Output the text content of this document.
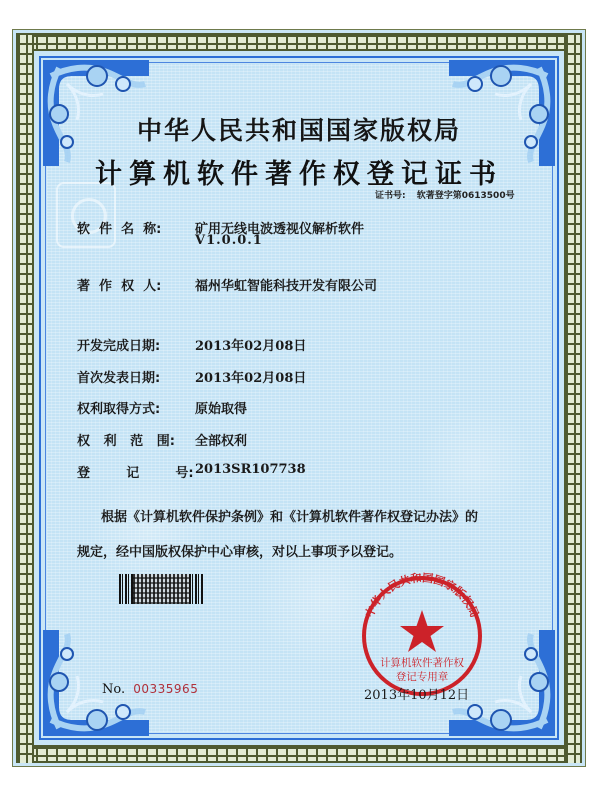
中华人民共和国国家版权局
计算机软件著作权登记证书
证书号: 软著登字第0613500号
软  件  名  称:	矿用无线电波透视仪解析软件
V1.0.0.1
著  作  权  人:	福州华虹智能科技开发有限公司
开发完成日期:	2013年02月08日
首次发表日期:	2013年02月08日
权利取得方式:	原始取得
权   利   范   围:	全部权利
登        记        号: 2013SR107738
根据《计算机软件保护条例》和《计算机软件著作权登记办法》的
规定，经中国版权保护中心审核，对以上事项予以登记。
No. 00335965
中华人民共和国国家版权局
计算机软件著作权
登记专用章
2013年10月12日
